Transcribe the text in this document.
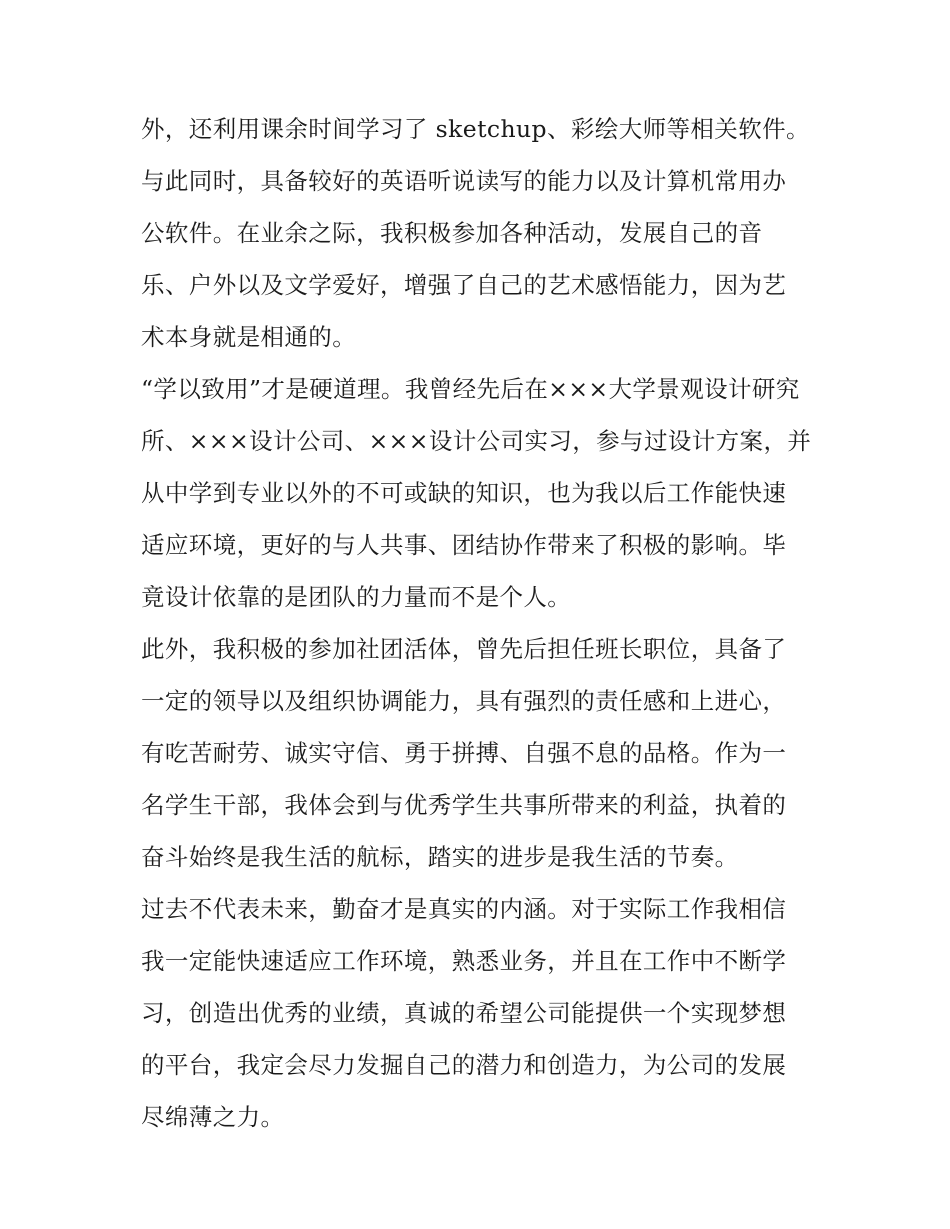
外，还利用课余时间学习了 sketchup、彩绘大师等相关软件。
与此同时，具备较好的英语听说读写的能力以及计算机常用办
公软件。在业余之际，我积极参加各种活动，发展自己的音
乐、户外以及文学爱好，增强了自己的艺术感悟能力，因为艺
术本身就是相通的。
“学以致用”才是硬道理。我曾经先后在×××大学景观设计研究
所、×××设计公司、×××设计公司实习，参与过设计方案，并
从中学到专业以外的不可或缺的知识，也为我以后工作能快速
适应环境，更好的与人共事、团结协作带来了积极的影响。毕
竟设计依靠的是团队的力量而不是个人。
此外，我积极的参加社团活体，曾先后担任班长职位，具备了
一定的领导以及组织协调能力，具有强烈的责任感和上进心，
有吃苦耐劳、诚实守信、勇于拼搏、自强不息的品格。作为一
名学生干部，我体会到与优秀学生共事所带来的利益，执着的
奋斗始终是我生活的航标，踏实的进步是我生活的节奏。
过去不代表未来，勤奋才是真实的内涵。对于实际工作我相信
我一定能快速适应工作环境，熟悉业务，并且在工作中不断学
习，创造出优秀的业绩，真诚的希望公司能提供一个实现梦想
的平台，我定会尽力发掘自己的潜力和创造力，为公司的发展
尽绵薄之力。
